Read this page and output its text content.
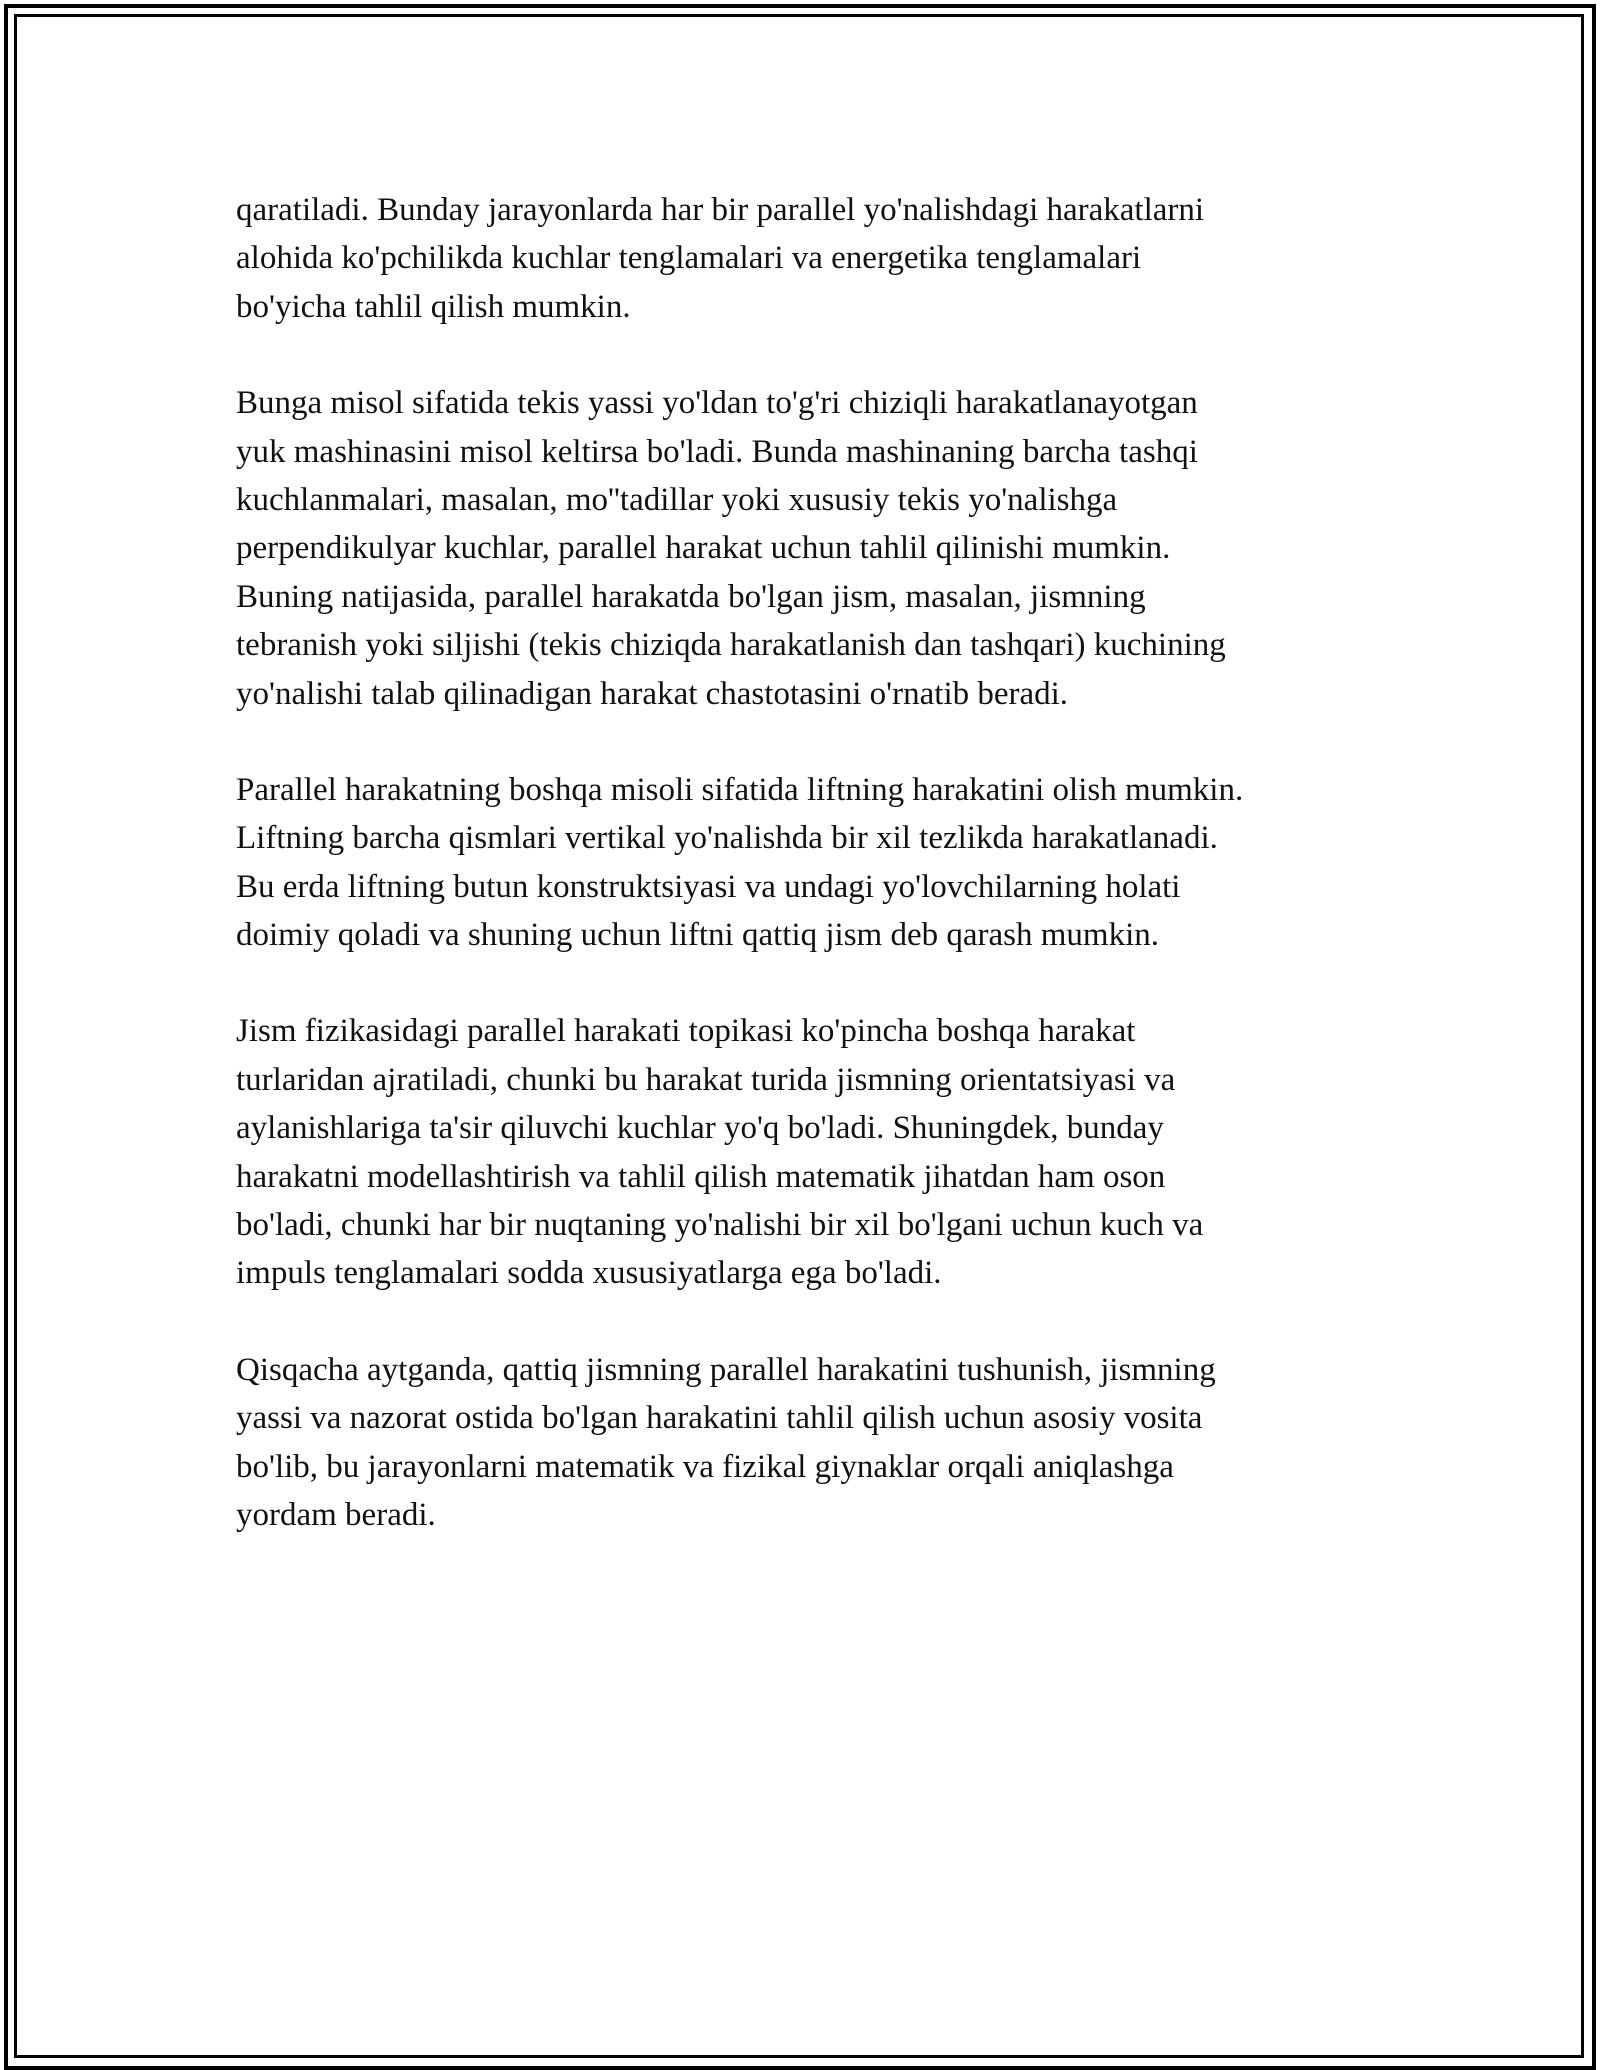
qaratiladi. Bunday jarayonlarda har bir parallel yo'nalishdagi harakatlarni
alohida ko'pchilikda kuchlar tenglamalari va energetika tenglamalari
bo'yicha tahlil qilish mumkin.

Bunga misol sifatida tekis yassi yo'ldan to'g'ri chiziqli harakatlanayotgan
yuk mashinasini misol keltirsa bo'ladi. Bunda mashinaning barcha tashqi
kuchlanmalari, masalan, mo''tadillar yoki xususiy tekis yo'nalishga
perpendikulyar kuchlar, parallel harakat uchun tahlil qilinishi mumkin.
Buning natijasida, parallel harakatda bo'lgan jism, masalan, jismning
tebranish yoki siljishi (tekis chiziqda harakatlanish dan tashqari) kuchining
yo'nalishi talab qilinadigan harakat chastotasini o'rnatib beradi.

Parallel harakatning boshqa misoli sifatida liftning harakatini olish mumkin.
Liftning barcha qismlari vertikal yo'nalishda bir xil tezlikda harakatlanadi.
Bu erda liftning butun konstruktsiyasi va undagi yo'lovchilarning holati
doimiy qoladi va shuning uchun liftni qattiq jism deb qarash mumkin.

Jism fizikasidagi parallel harakati topikasi ko'pincha boshqa harakat
turlaridan ajratiladi, chunki bu harakat turida jismning orientatsiyasi va
aylanishlariga ta'sir qiluvchi kuchlar yo'q bo'ladi. Shuningdek, bunday
harakatni modellashtirish va tahlil qilish matematik jihatdan ham oson
bo'ladi, chunki har bir nuqtaning yo'nalishi bir xil bo'lgani uchun kuch va
impuls tenglamalari sodda xususiyatlarga ega bo'ladi.

Qisqacha aytganda, qattiq jismning parallel harakatini tushunish, jismning
yassi va nazorat ostida bo'lgan harakatini tahlil qilish uchun asosiy vosita
bo'lib, bu jarayonlarni matematik va fizikal giynaklar orqali aniqlashga
yordam beradi.
